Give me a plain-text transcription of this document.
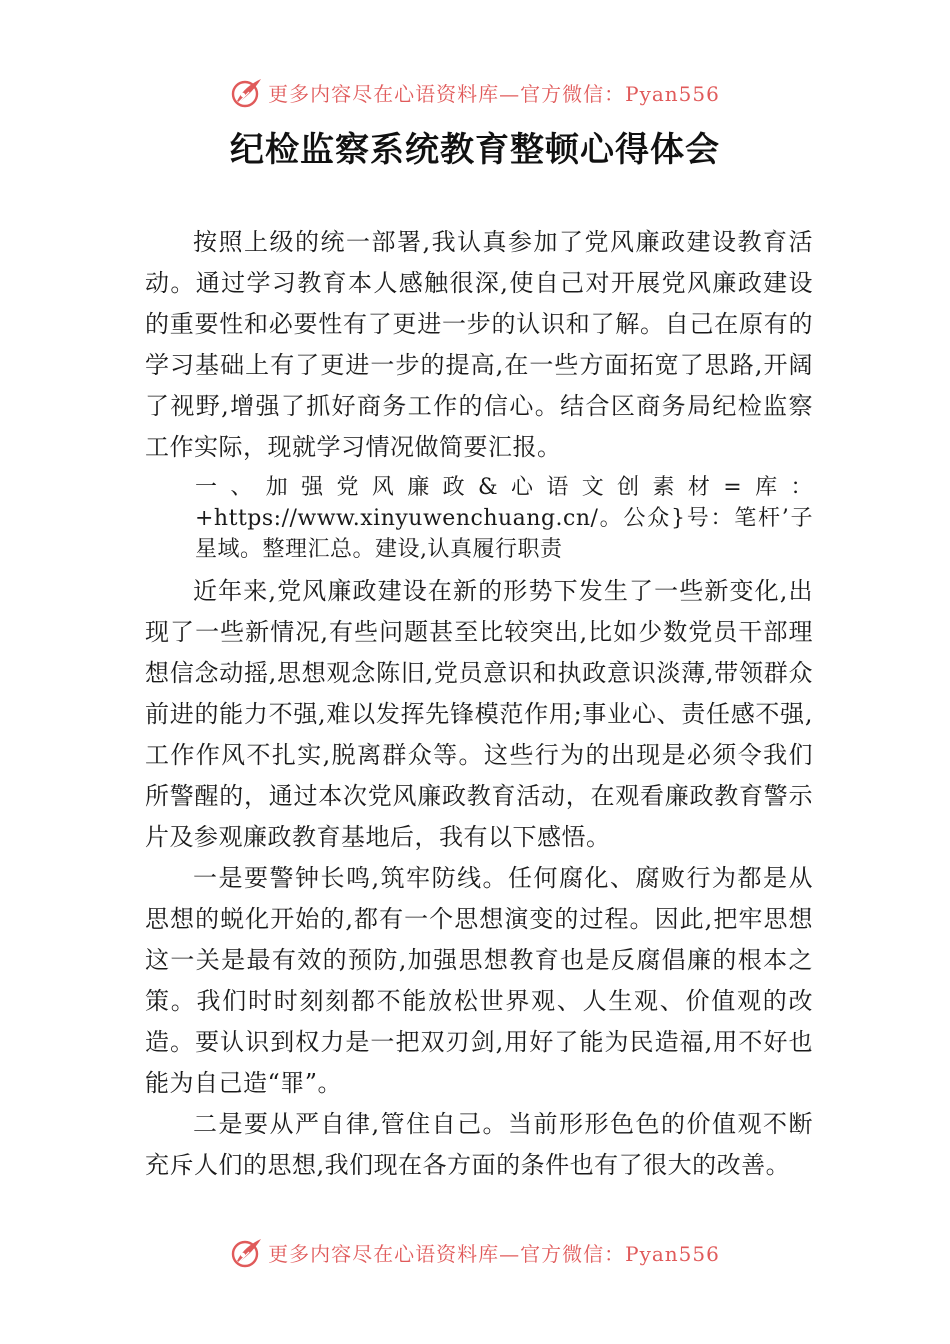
更多内容尽在心语资料库—官方微信：Pyan556
纪检监察系统教育整顿心得体会

按照上级的统一部署,我认真参加了党风廉政建设教育活动。通过学习教育本人感触很深,使自己对开展党风廉政建设的重要性和必要性有了更进一步的认识和了解。自己在原有的学习基础上有了更进一步的提高,在一些方面拓宽了思路,开阔了视野,增强了抓好商务工作的信心。结合区商务局纪检监察工作实际，现就学习情况做简要汇报。

一、加强党风廉政&心语文创素材=库：+https://www.xinyuwenchuang.cn/。公众}号：笔杆’子星域。整理汇总。建设,认真履行职责

近年来,党风廉政建设在新的形势下发生了一些新变化,出现了一些新情况,有些问题甚至比较突出,比如少数党员干部理想信念动摇,思想观念陈旧,党员意识和执政意识淡薄,带领群众前进的能力不强,难以发挥先锋模范作用;事业心、责任感不强,工作作风不扎实,脱离群众等。这些行为的出现是必须令我们所警醒的，通过本次党风廉政教育活动，在观看廉政教育警示片及参观廉政教育基地后，我有以下感悟。

一是要警钟长鸣,筑牢防线。任何腐化、腐败行为都是从思想的蜕化开始的,都有一个思想演变的过程。因此,把牢思想这一关是最有效的预防,加强思想教育也是反腐倡廉的根本之策。我们时时刻刻都不能放松世界观、人生观、价值观的改造。要认识到权力是一把双刃剑,用好了能为民造福,用不好也能为自己造“罪”。

二是要从严自律,管住自己。当前形形色色的价值观不断充斥人们的思想,我们现在各方面的条件也有了很大的改善。

更多内容尽在心语资料库—官方微信：Pyan556
